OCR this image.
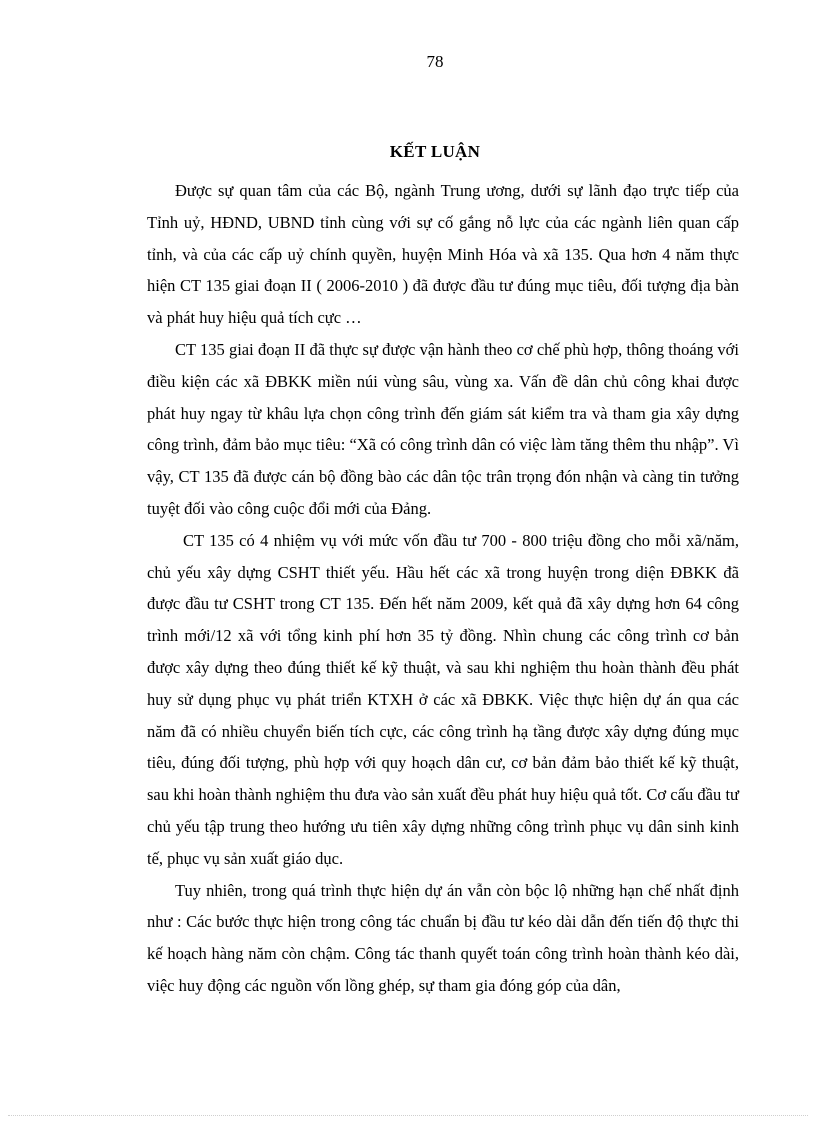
78
KẾT LUẬN

Được sự quan tâm của các Bộ, ngành Trung ương, dưới sự lãnh đạo trực tiếp của Tỉnh uỷ, HĐND, UBND tỉnh cùng với sự cố gắng nỗ lực của các ngành liên quan cấp tỉnh, và của các cấp uỷ chính quyền, huyện Minh Hóa và xã 135. Qua hơn 4 năm thực hiện CT 135 giai đoạn II ( 2006-2010 ) đã được đầu tư đúng mục tiêu, đối tượng địa bàn và phát huy hiệu quả tích cực …

CT 135 giai đoạn II đã thực sự được vận hành theo cơ chế phù hợp, thông thoáng với điều kiện các xã ĐBKK miền núi vùng sâu, vùng xa. Vấn đề dân chủ công khai được phát huy ngay từ khâu lựa chọn công trình đến giám sát kiểm tra và tham gia xây dựng công trình, đảm bảo mục tiêu: “Xã có công trình dân có việc làm tăng thêm thu nhập”. Vì vậy, CT 135 đã được cán bộ đồng bào các dân tộc trân trọng đón nhận và càng tin tưởng tuyệt đối vào công cuộc đổi mới của Đảng.

CT 135 có 4 nhiệm vụ với mức vốn đầu tư 700 - 800 triệu đồng cho mỗi xã/năm, chủ yếu xây dựng CSHT thiết yếu. Hầu hết các xã trong huyện trong diện ĐBKK đã được đầu tư CSHT trong CT 135. Đến hết năm 2009, kết quả đã xây dựng hơn 64 công trình mới/12 xã với tổng kinh phí hơn 35 tỷ đồng. Nhìn chung các công trình cơ bản được xây dựng theo đúng thiết kế kỹ thuật, và sau khi nghiệm thu hoàn thành đều phát huy sử dụng phục vụ phát triển KTXH ở các xã ĐBKK. Việc thực hiện dự án qua các năm đã có nhiều chuyển biến tích cực, các công trình hạ tầng được xây dựng đúng mục tiêu, đúng đối tượng, phù hợp với quy hoạch dân cư, cơ bản đảm bảo thiết kế kỹ thuật, sau khi hoàn thành nghiệm thu đưa vào sản xuất đều phát huy hiệu quả tốt. Cơ cấu đầu tư chủ yếu tập trung theo hướng ưu tiên xây dựng những công trình phục vụ dân sinh kinh tế, phục vụ sản xuất giáo dục.

Tuy nhiên, trong quá trình thực hiện dự án vẫn còn bộc lộ những hạn chế nhất định như : Các bước thực hiện trong công tác chuẩn bị đầu tư kéo dài dẫn đến tiến độ thực thi kế hoạch hàng năm còn chậm. Công tác thanh quyết toán công trình hoàn thành kéo dài, việc huy động các nguồn vốn lồng ghép, sự tham gia đóng góp của dân,
